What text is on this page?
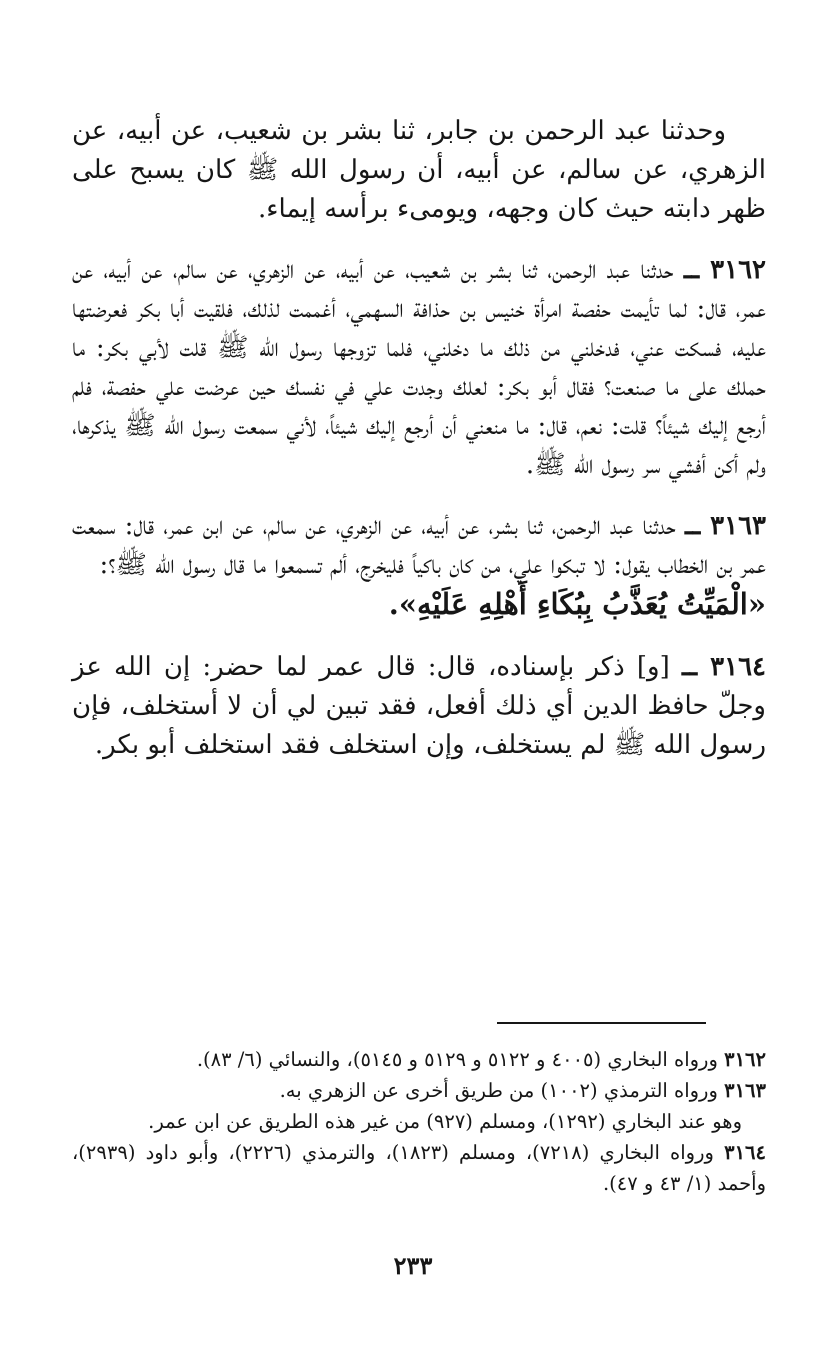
وحدثنا عبد الرحمن بن جابر، ثنا بشر بن شعيب، عن أبيه، عن الزهري، عن سالم، عن أبيه، أن رسول الله ﷺ كان يسبح على ظهر دابته حيث كان وجهه، ويومىء برأسه إيماء.

٣١٦٢ ــ حدثنا عبد الرحمن، ثنا بشر بن شعيب، عن أبيه، عن الزهري، عن سالم، عن أبيه، عن عمر، قال: لما تأيمت حفصة امرأة خنيس بن حذافة السهمي، أغممت لذلك، فلقيت أبا بكر فعرضتها عليه، فسكت عني، فدخلني من ذلك ما دخلني، فلما تزوجها رسول الله ﷺ قلت لأبي بكر: ما حملك على ما صنعت؟ فقال أبو بكر: لعلك وجدت علي في نفسك حين عرضت علي حفصة، فلم أرجع إليك شيئاً؟ قلت: نعم، قال: ما منعني أن أرجع إليك شيئاً، لأني سمعت رسول الله ﷺ يذكرها، ولم أكن أفشي سر رسول الله ﷺ.

٣١٦٣ ــ حدثنا عبد الرحمن، ثنا بشر، عن أبيه، عن الزهري، عن سالم، عن ابن عمر، قال: سمعت عمر بن الخطاب يقول: لا تبكوا علي، من كان باكياً فليخرج، ألم تسمعوا ما قال رسول الله ﷺ؟:
«الْمَيِّتُ يُعَذَّبُ بِبُكَاءِ أَهْلِهِ عَلَيْهِ».

٣١٦٤ ــ [و] ذكر بإسناده، قال: قال عمر لما حضر: إن الله عز وجلّ حافظ الدين أي ذلك أفعل، فقد تبين لي أن لا أستخلف، فإن رسول الله ﷺ لم يستخلف، وإن استخلف فقد استخلف أبو بكر.

٣١٦٢ ورواه البخاري (٤٠٠٥ و ٥١٢٢ و ٥١٢٩ و ٥١٤٥)، والنسائي (٦/ ٨٣).

٣١٦٣ ورواه الترمذي (١٠٠٢) من طريق أخرى عن الزهري به.

وهو عند البخاري (١٢٩٢)، ومسلم (٩٢٧) من غير هذه الطريق عن ابن عمر.

٣١٦٤ ورواه البخاري (٧٢١٨)، ومسلم (١٨٢٣)، والترمذي (٢٢٢٦)، وأبو داود (٢٩٣٩)، وأحمد (١/ ٤٣ و ٤٧).

٢٣٣
